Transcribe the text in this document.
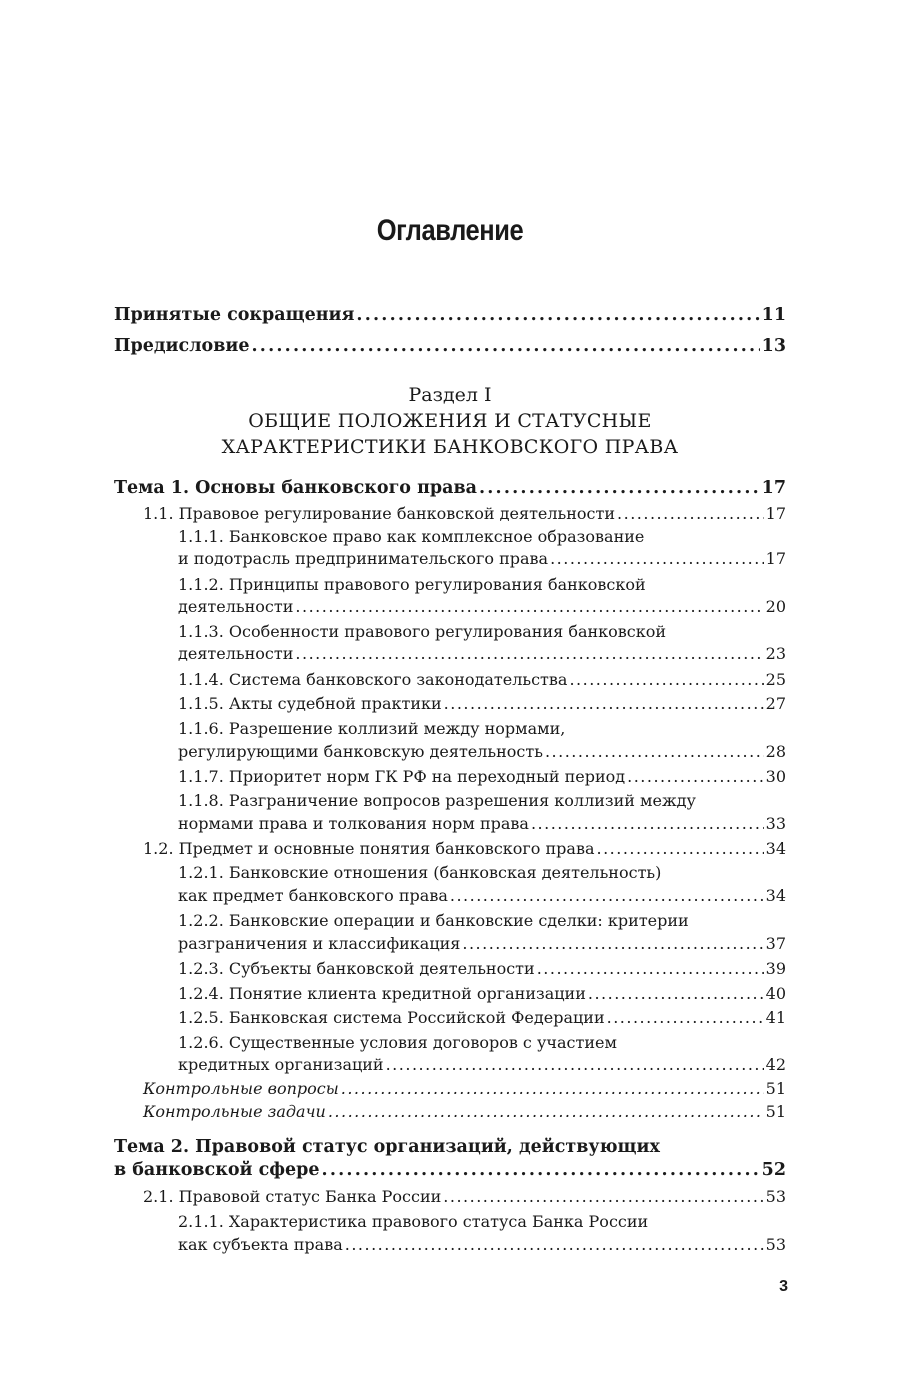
Оглавление
Принятые сокращения .....	11
Предисловие .....	13
Раздел I
ОБЩИЕ ПОЛОЖЕНИЯ И СТАТУСНЫЕ
ХАРАКТЕРИСТИКИ БАНКОВСКОГО ПРАВА
Тема 1. Основы банковского права .....	17
1.1. Правовое регулирование банковской деятельности .....	17
1.1.1. Банковское право как комплексное образование
и подотрасль предпринимательского права .....	17
1.1.2. Принципы правового регулирования банковской
деятельности .....	20
1.1.3. Особенности правового регулирования банковской
деятельности .....	23
1.1.4. Система банковского законодательства .....	25
1.1.5. Акты судебной практики .....	27
1.1.6. Разрешение коллизий между нормами,
регулирующими банковскую деятельность .....	28
1.1.7. Приоритет норм ГК РФ на переходный период .....	30
1.1.8. Разграничение вопросов разрешения коллизий между
нормами права и толкования норм права .....	33
1.2. Предмет и основные понятия банковского права .....	34
1.2.1. Банковские отношения (банковская деятельность)
как предмет банковского права .....	34
1.2.2. Банковские операции и банковские сделки: критерии
разграничения и классификация .....	37
1.2.3. Субъекты банковской деятельности .....	39
1.2.4. Понятие клиента кредитной организации .....	40
1.2.5. Банковская система Российской Федерации .....	41
1.2.6. Существенные условия договоров с участием
кредитных организаций .....	42
Контрольные вопросы .....	51
Контрольные задачи .....	51
Тема 2. Правовой статус организаций, действующих
в банковской сфере .....	52
2.1. Правовой статус Банка России .....	53
2.1.1. Характеристика правового статуса Банка России
как субъекта права .....	53
3
